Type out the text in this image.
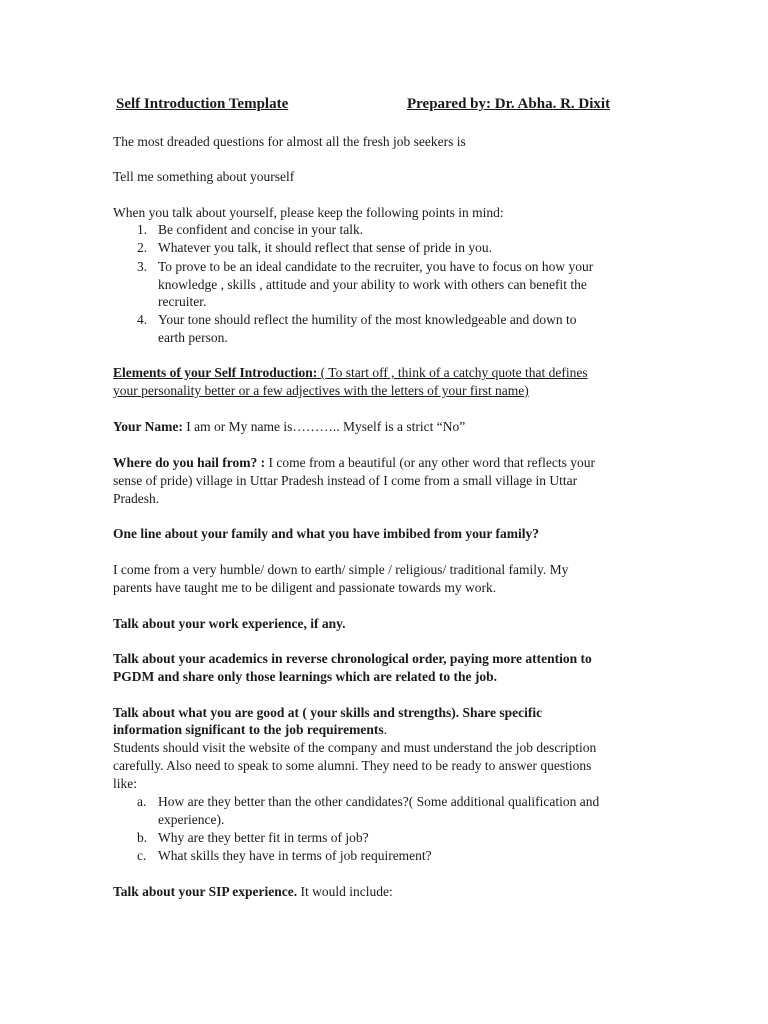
Self Introduction Template	Prepared by: Dr. Abha. R. Dixit
The most dreaded questions for almost all the fresh job seekers is
Tell me something about yourself
When you talk about yourself, please keep the following points in mind:
1. Be confident and concise in your talk.
2. Whatever you talk, it should reflect that sense of pride in you.
3. To prove to be an ideal candidate to the recruiter, you have to focus on how your
knowledge , skills , attitude and your ability to work with others can benefit the
recruiter.
4. Your tone should reflect the humility of the most knowledgeable and down to
earth person.
Elements of your Self Introduction: ( To start off , think of a catchy quote that defines
your personality better or a few adjectives with the letters of your first name)
Your Name: I am or My name is……….. Myself is a strict “No”
Where do you hail from? : I come from a beautiful (or any other word that reflects your
sense of pride) village in Uttar Pradesh instead of I come from a small village in Uttar
Pradesh.
One line about your family and what you have imbibed from your family?
I come from a very humble/ down to earth/ simple / religious/ traditional family. My
parents have taught me to be diligent and passionate towards my work.
Talk about your work experience, if any.
Talk about your academics in reverse chronological order, paying more attention to
PGDM and share only those learnings which are related to the job.
Talk about what you are good at ( your skills and strengths). Share specific
information significant to the job requirements.
Students should visit the website of the company and must understand the job description
carefully. Also need to speak to some alumni. They need to be ready to answer questions
like:
a. How are they better than the other candidates?( Some additional qualification and
experience).
b. Why are they better fit in terms of job?
c. What skills they have in terms of job requirement?
Talk about your SIP experience. It would include:
